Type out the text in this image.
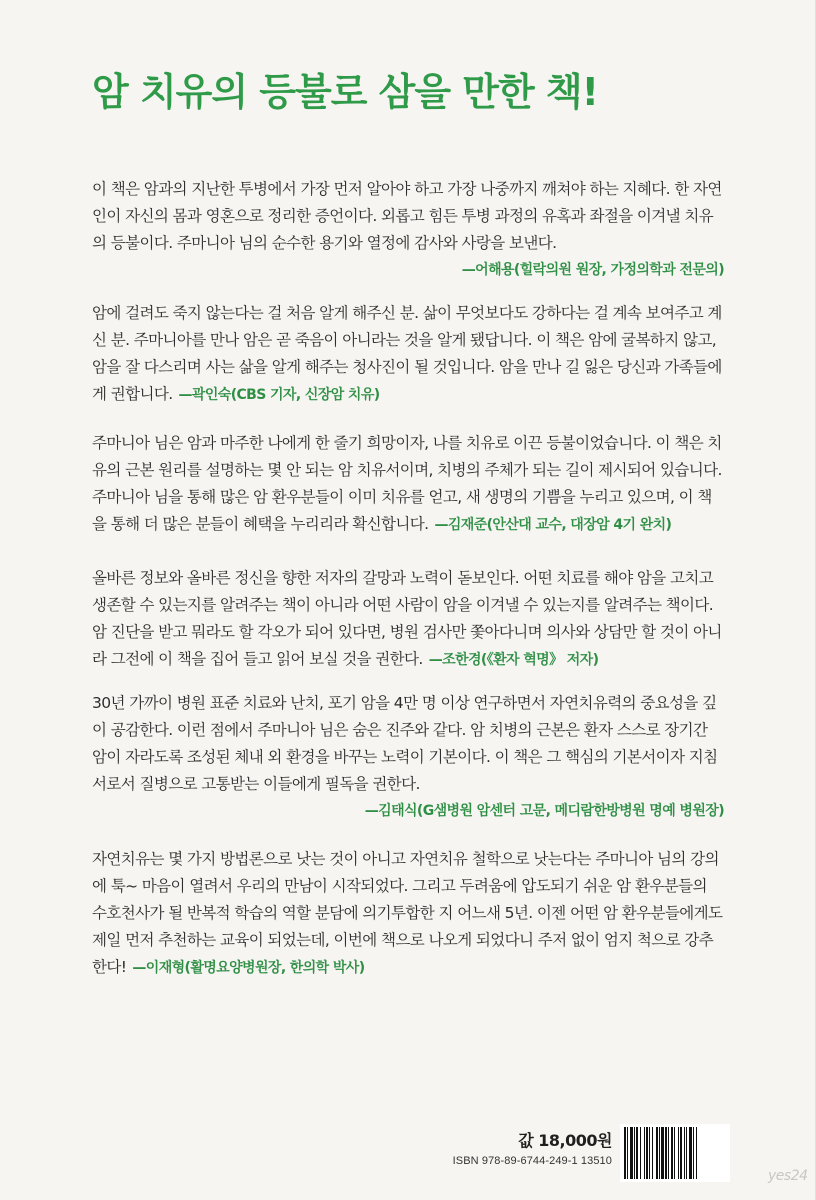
암 치유의 등불로 삼을 만한 책!
이 책은 암과의 지난한 투병에서 가장 먼저 알아야 하고 가장 나중까지 깨쳐야 하는 지혜다. 한 자연인이 자신의 몸과 영혼으로 정리한 증언이다. 외롭고 힘든 투병 과정의 유혹과 좌절을 이겨낼 치유의 등불이다. 주마니아 님의 순수한 용기와 열정에 감사와 사랑을 보낸다.
—어해용(힐락의원 원장, 가정의학과 전문의)
암에 걸려도 죽지 않는다는 걸 처음 알게 해주신 분. 삶이 무엇보다도 강하다는 걸 계속 보여주고 계신 분. 주마니아를 만나 암은 곧 죽음이 아니라는 것을 알게 됐답니다. 이 책은 암에 굴복하지 않고, 암을 잘 다스리며 사는 삶을 알게 해주는 청사진이 될 것입니다. 암을 만나 길 잃은 당신과 가족들에게 권합니다. —곽인숙(CBS 기자, 신장암 치유)
주마니아 님은 암과 마주한 나에게 한 줄기 희망이자, 나를 치유로 이끈 등불이었습니다. 이 책은 치유의 근본 원리를 설명하는 몇 안 되는 암 치유서이며, 치병의 주체가 되는 길이 제시되어 있습니다. 주마니아 님을 통해 많은 암 환우분들이 이미 치유를 얻고, 새 생명의 기쁨을 누리고 있으며, 이 책을 통해 더 많은 분들이 혜택을 누리리라 확신합니다. —김재준(안산대 교수, 대장암 4기 완치)
올바른 정보와 올바른 정신을 향한 저자의 갈망과 노력이 돋보인다. 어떤 치료를 해야 암을 고치고 생존할 수 있는지를 알려주는 책이 아니라 어떤 사람이 암을 이겨낼 수 있는지를 알려주는 책이다. 암 진단을 받고 뭐라도 할 각오가 되어 있다면, 병원 검사만 쫓아다니며 의사와 상담만 할 것이 아니라 그전에 이 책을 집어 들고 읽어 보실 것을 권한다. —조한경(《환자 혁명》 저자)
30년 가까이 병원 표준 치료와 난치, 포기 암을 4만 명 이상 연구하면서 자연치유력의 중요성을 깊이 공감한다. 이런 점에서 주마니아 님은 숨은 진주와 같다. 암 치병의 근본은 환자 스스로 장기간 암이 자라도록 조성된 체내 외 환경을 바꾸는 노력이 기본이다. 이 책은 그 핵심의 기본서이자 지침서로서 질병으로 고통받는 이들에게 필독을 권한다.
—김태식(G샘병원 암센터 고문, 메디람한방병원 명예 병원장)
자연치유는 몇 가지 방법론으로 낫는 것이 아니고 자연치유 철학으로 낫는다는 주마니아 님의 강의에 툭~ 마음이 열려서 우리의 만남이 시작되었다. 그리고 두려움에 압도되기 쉬운 암 환우분들의 수호천사가 될 반복적 학습의 역할 분담에 의기투합한 지 어느새 5년. 이젠 어떤 암 환우분들에게도 제일 먼저 추천하는 교육이 되었는데, 이번에 책으로 나오게 되었다니 주저 없이 엄지 척으로 강추한다! —이재형(활명요양병원장, 한의학 박사)
값 18,000원
ISBN 978-89-6744-249-1 13510
yes24
